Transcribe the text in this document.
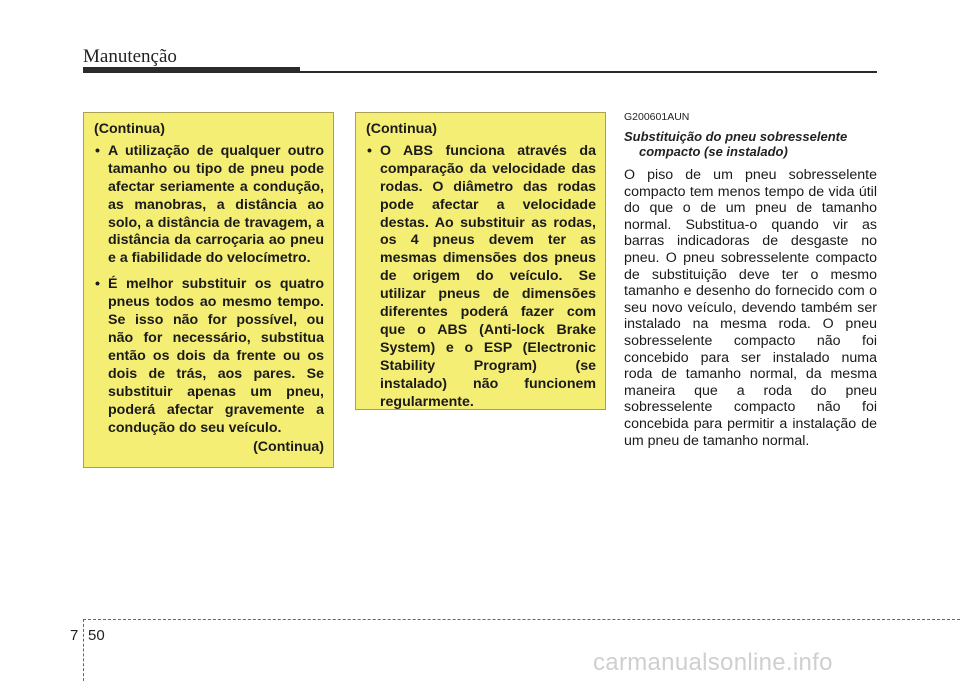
Manutenção
(Continua)
• A utilização de qualquer outro tamanho ou tipo de pneu pode afectar seriamente a condução, as manobras, a distância ao solo, a distância de travagem, a distância da carroçaria ao pneu e a fiabilidade do velocímetro.
• É melhor substituir os quatro pneus todos ao mesmo tempo. Se isso não for possível, ou não for necessário, substitua então os dois da frente ou os dois de trás, aos pares. Se substituir apenas um pneu, poderá afectar gravemente a condução do seu veículo.
(Continua)
(Continua)
• O ABS funciona através da comparação da velocidade das rodas. O diâmetro das rodas pode afectar a velocidade destas. Ao substituir as rodas, os 4 pneus devem ter as mesmas dimensões dos pneus de origem do veículo. Se utilizar pneus de dimensões diferentes poderá fazer com que o ABS (Anti-lock Brake System) e o ESP (Electronic Stability Program) (se instalado) não funcionem regularmente.
G200601AUN
Substituição do pneu sobresselente
compacto (se instalado)
O piso de um pneu sobresselente compacto tem menos tempo de vida útil do que o de um pneu de tamanho normal. Substitua-o quando vir as barras indicadoras de desgaste no pneu. O pneu sobresselente compacto de substituição deve ter o mesmo tamanho e desenho do fornecido com o seu novo veículo, devendo também ser instalado na mesma roda. O pneu sobresselente compacto não foi concebido para ser instalado numa roda de tamanho normal, da mesma maneira que a roda do pneu sobresselente compacto não foi concebida para permitir a instalação de um pneu de tamanho normal.
7 50
carmanualsonline.info
